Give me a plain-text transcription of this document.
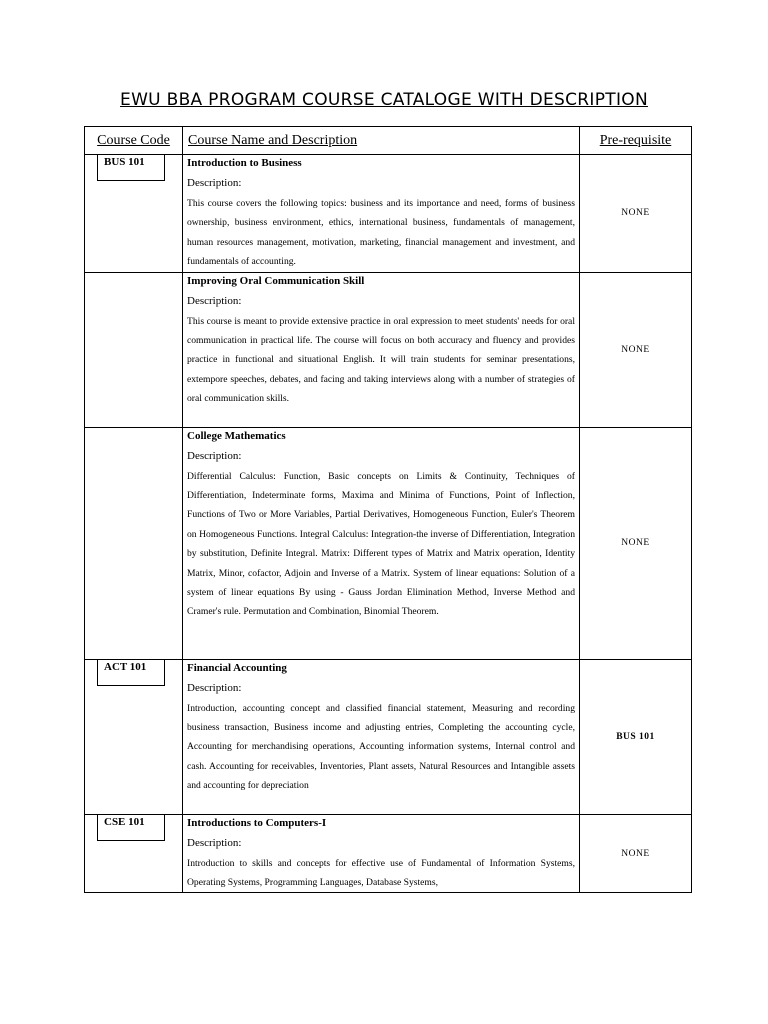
EWU BBA PROGRAM COURSE CATALOGE WITH DESCRIPTION
Course Code	Course Name and Description	Pre-requisite

BUS 101	Introduction to Business
Description:
This course covers the following topics: business and its importance and need, forms of business ownership, business environment, ethics, international business, fundamentals of management, human resources management, motivation, marketing, financial management and investment, and fundamentals of accounting.	NONE

	Improving Oral Communication Skill
Description:
This course is meant to provide extensive practice in oral expression to meet students' needs for oral communication in practical life. The course will focus on both accuracy and fluency and provides practice in functional and situational English. It will train students for seminar presentations, extempore speeches, debates, and facing and taking interviews along with a number of strategies of oral communication skills.	NONE

	College Mathematics
Description:
Differential Calculus: Function, Basic concepts on Limits & Continuity, Techniques of Differentiation, Indeterminate forms, Maxima and Minima of Functions, Point of Inflection, Functions of Two or More Variables, Partial Derivatives, Homogeneous Function, Euler's Theorem on Homogeneous Functions. Integral Calculus: Integration-the inverse of Differentiation, Integration by substitution, Definite Integral. Matrix: Different types of Matrix and Matrix operation, Identity Matrix, Minor, cofactor, Adjoin and Inverse of a Matrix. System of linear equations: Solution of a system of linear equations By using - Gauss Jordan Elimination Method, Inverse Method and Cramer's rule. Permutation and Combination, Binomial Theorem.	NONE

ACT 101	Financial Accounting
Description:
Introduction, accounting concept and classified financial statement, Measuring and recording business transaction, Business income and adjusting entries, Completing the accounting cycle, Accounting for merchandising operations, Accounting information systems, Internal control and cash. Accounting for receivables, Inventories, Plant assets, Natural Resources and Intangible assets and accounting for depreciation	BUS 101

CSE 101	Introductions to Computers-I
Description:
Introduction to skills and concepts for effective use of Fundamental of Information Systems, Operating Systems, Programming Languages, Database Systems,	NONE
